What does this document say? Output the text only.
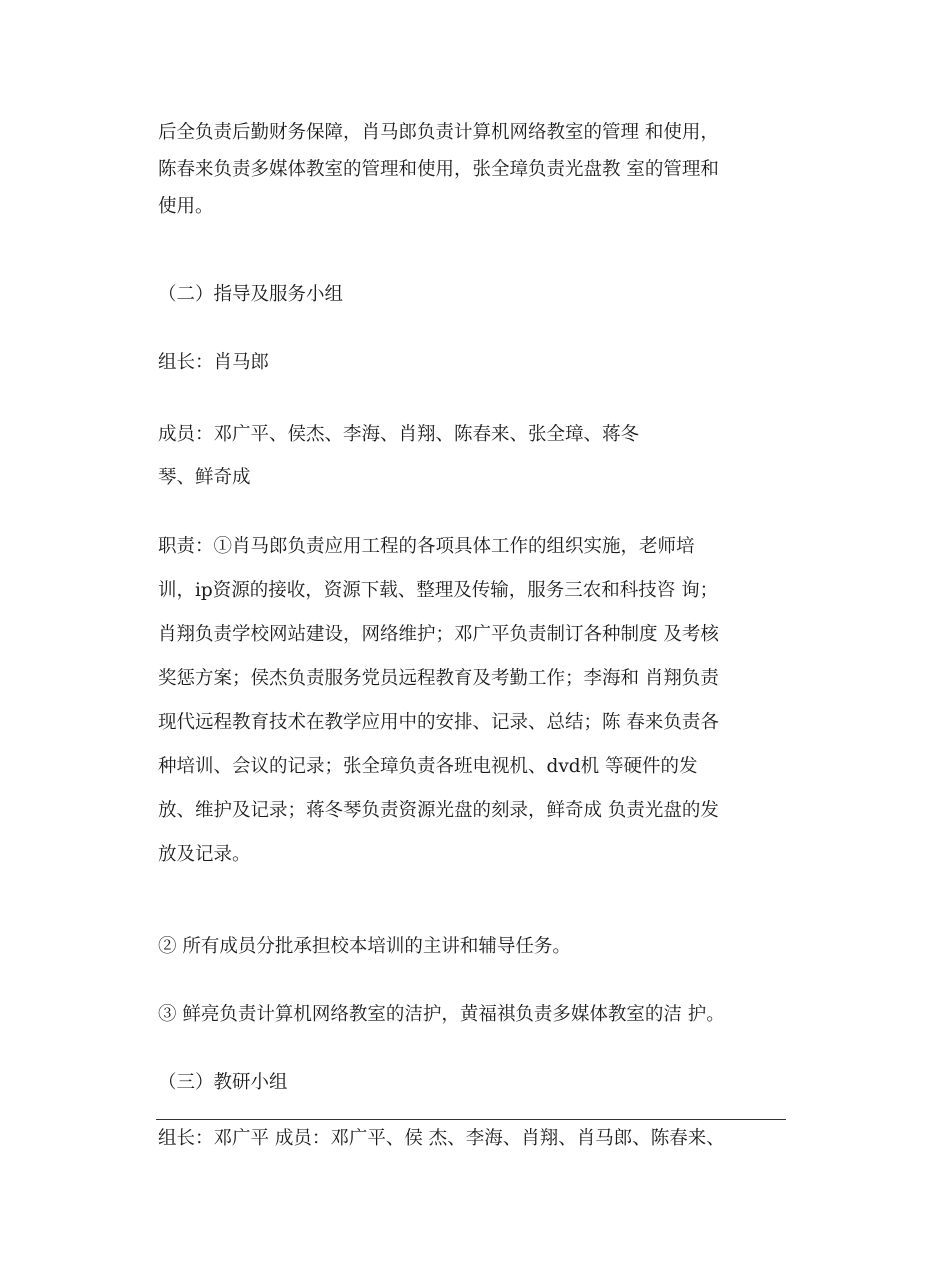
后全负责后勤财务保障，肖马郎负责计算机网络教室的管理 和使用，
陈春来负责多媒体教室的管理和使用，张全璋负责光盘教 室的管理和
使用。
（二）指导及服务小组
组长：肖马郎
成员：邓广平、侯杰、李海、肖翔、陈春来、张全璋、蒋冬
琴、鲜奇成
职责：①肖马郎负责应用工程的各项具体工作的组织实施，老师培
训，ip资源的接收，资源下载、整理及传输，服务三农和科技咨 询；
肖翔负责学校网站建设，网络维护；邓广平负责制订各种制度 及考核
奖惩方案；侯杰负责服务党员远程教育及考勤工作；李海和 肖翔负责
现代远程教育技术在教学应用中的安排、记录、总结；陈 春来负责各
种培训、会议的记录；张全璋负责各班电视机、dvd机 等硬件的发
放、维护及记录；蒋冬琴负责资源光盘的刻录，鲜奇成 负责光盘的发
放及记录。
② 所有成员分批承担校本培训的主讲和辅导任务。
③ 鲜亮负责计算机网络教室的洁护，黄福祺负责多媒体教室的洁 护。
（三）教研小组
组长：邓广平 成员：邓广平、侯 杰、李海、肖翔、肖马郎、陈春来、
